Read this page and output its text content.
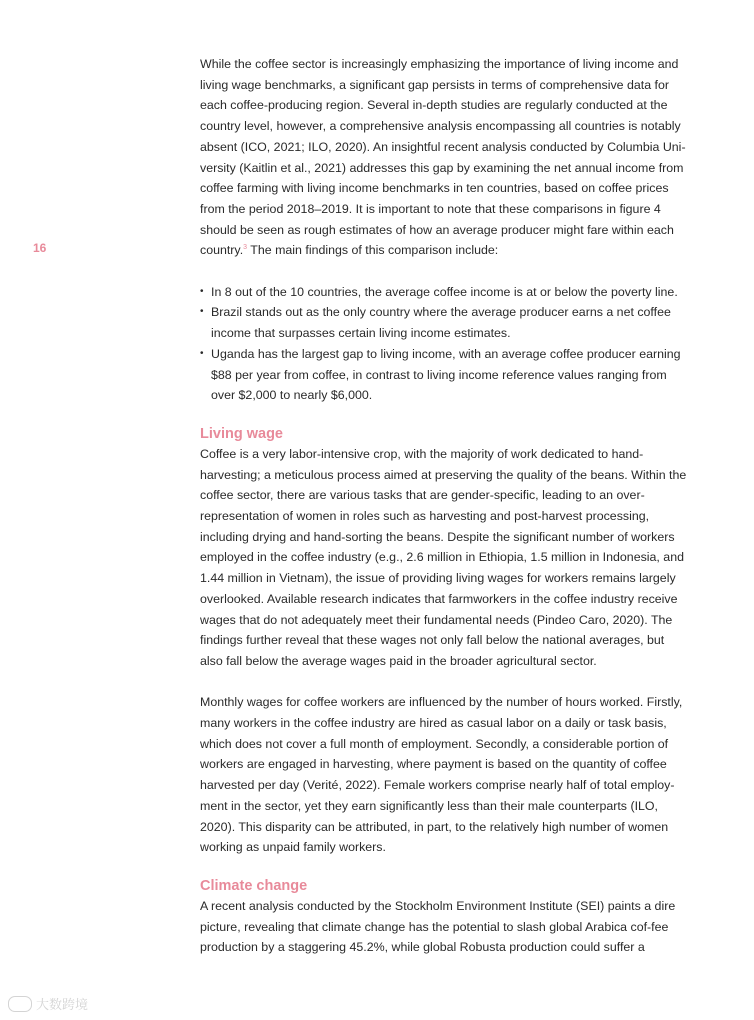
16

While the coffee sector is increasingly emphasizing the importance of living income and living wage benchmarks, a significant gap persists in terms of comprehensive data for each coffee-producing region. Several in-depth studies are regularly conducted at the country level, however, a comprehensive analysis encompassing all countries is notably absent (ICO, 2021; ILO, 2020). An insightful recent analysis conducted by Columbia Uni-versity (Kaitlin et al., 2021) addresses this gap by examining the net annual income from coffee farming with living income benchmarks in ten countries, based on coffee prices from the period 2018–2019. It is important to note that these comparisons in figure 4 should be seen as rough estimates of how an average producer might fare within each country.$^3$ The main findings of this comparison include:

• In 8 out of the 10 countries, the average coffee income is at or below the poverty line.
• Brazil stands out as the only country where the average producer earns a net coffee income that surpasses certain living income estimates.
• Uganda has the largest gap to living income, with an average coffee producer earning $88 per year from coffee, in contrast to living income reference values ranging from over $2,000 to nearly $6,000.
Living wage

Coffee is a very labor-intensive crop, with the majority of work dedicated to hand-harvesting; a meticulous process aimed at preserving the quality of the beans. Within the coffee sector, there are various tasks that are gender-specific, leading to an over-representation of women in roles such as harvesting and post-harvest processing, including drying and hand-sorting the beans. Despite the significant number of workers employed in the coffee industry (e.g., 2.6 million in Ethiopia, 1.5 million in Indonesia, and 1.44 million in Vietnam), the issue of providing living wages for workers remains largely overlooked. Available research indicates that farmworkers in the coffee industry receive wages that do not adequately meet their fundamental needs (Pindeo Caro, 2020). The findings further reveal that these wages not only fall below the national averages, but also fall below the average wages paid in the broader agricultural sector.

Monthly wages for coffee workers are influenced by the number of hours worked. Firstly, many workers in the coffee industry are hired as casual labor on a daily or task basis, which does not cover a full month of employment. Secondly, a considerable portion of workers are engaged in harvesting, where payment is based on the quantity of coffee harvested per day (Verité, 2022). Female workers comprise nearly half of total employ-ment in the sector, yet they earn significantly less than their male counterparts (ILO, 2020). This disparity can be attributed, in part, to the relatively high number of women working as unpaid family workers.

Climate change

A recent analysis conducted by the Stockholm Environment Institute (SEI) paints a dire picture, revealing that climate change has the potential to slash global Arabica cof-fee production by a staggering 45.2%, while global Robusta production could suffer a

大数跨境
